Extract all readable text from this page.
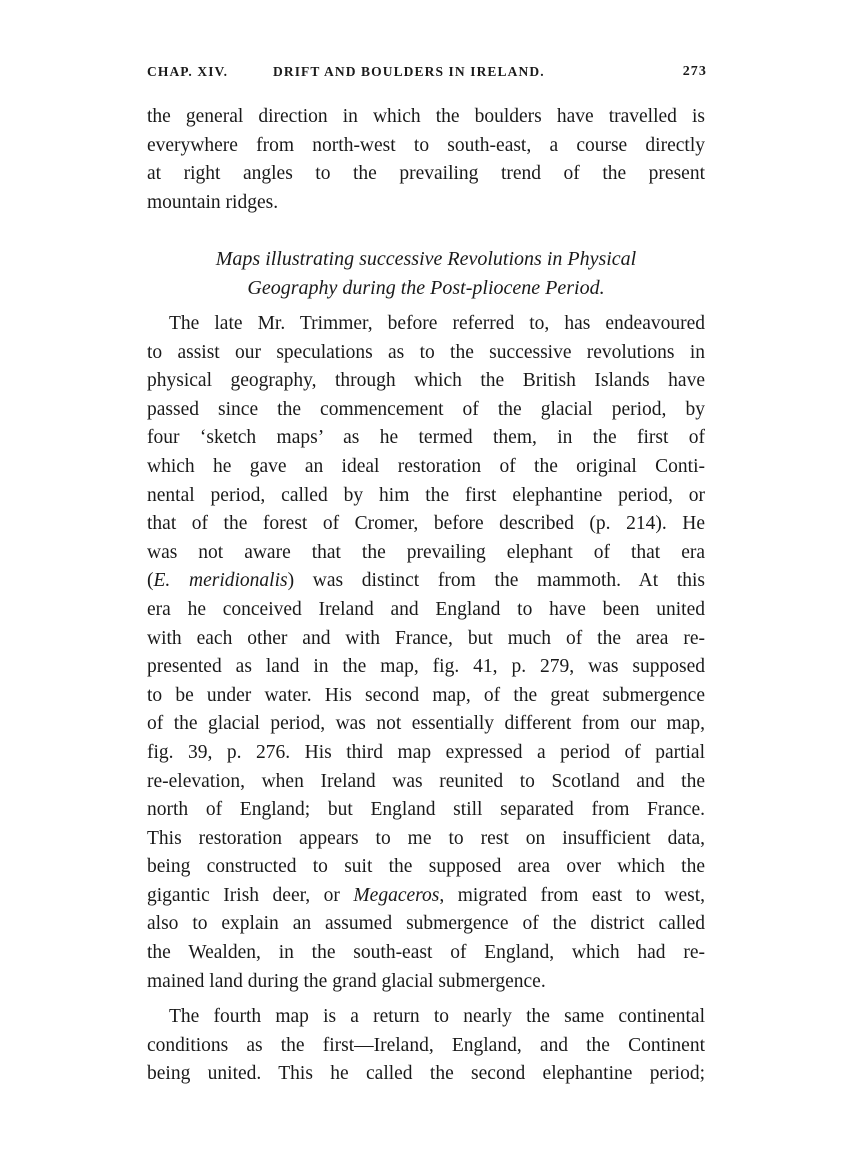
CHAP. XIV.	DRIFT AND BOULDERS IN IRELAND.	273
the general direction in which the boulders have travelled is
everywhere from north-west to south-east, a course directly
at right angles to the prevailing trend of the present
mountain ridges.
Maps illustrating successive Revolutions in Physical
Geography during the Post-pliocene Period.
The late Mr. Trimmer, before referred to, has endeavoured
to assist our speculations as to the successive revolutions in
physical geography, through which the British Islands have
passed since the commencement of the glacial period, by
four ‘sketch maps’ as he termed them, in the first of
which he gave an ideal restoration of the original Conti-
nental period, called by him the first elephantine period, or
that of the forest of Cromer, before described (p. 214). He
was not aware that the prevailing elephant of that era
(E. meridionalis) was distinct from the mammoth. At this
era he conceived Ireland and England to have been united
with each other and with France, but much of the area re-
presented as land in the map, fig. 41, p. 279, was supposed
to be under water. His second map, of the great submergence
of the glacial period, was not essentially different from our map,
fig. 39, p. 276. His third map expressed a period of partial
re-elevation, when Ireland was reunited to Scotland and the
north of England; but England still separated from France.
This restoration appears to me to rest on insufficient data,
being constructed to suit the supposed area over which the
gigantic Irish deer, or Megaceros, migrated from east to west,
also to explain an assumed submergence of the district called
the Wealden, in the south-east of England, which had re-
mained land during the grand glacial submergence.
The fourth map is a return to nearly the same continental
conditions as the first—Ireland, England, and the Continent
being united. This he called the second elephantine period;
